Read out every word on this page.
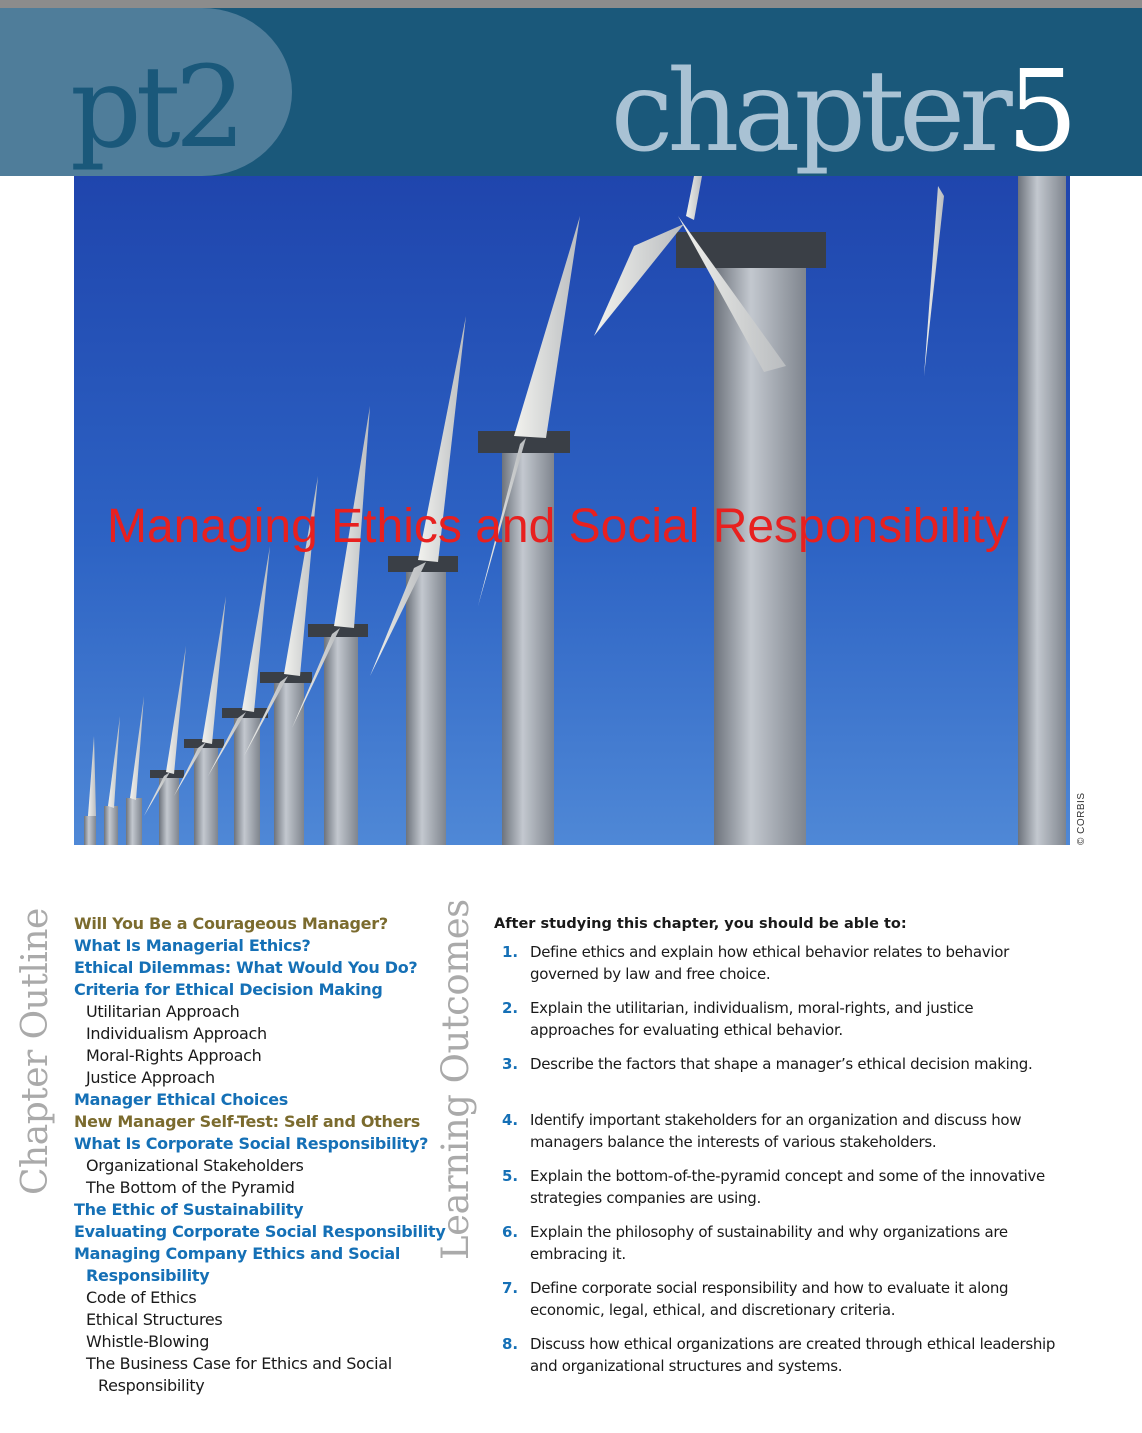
pt2	chapter5
© CORBIS
Managing Ethics and Social Responsibility
Chapter Outline Will You Be a Courageous Manager?
What Is Managerial Ethics?
Ethical Dilemmas: What Would You Do?
Criteria for Ethical Decision Making
Utilitarian Approach
Individualism Approach
Moral-Rights Approach
Justice Approach
Manager Ethical Choices
New Manager Self-Test: Self and Others
What Is Corporate Social Responsibility?
Organizational Stakeholders
The Bottom of the Pyramid
The Ethic of Sustainability
Evaluating Corporate Social Responsibility
Managing Company Ethics and Social
Responsibility
Code of Ethics
Ethical Structures
Whistle-Blowing
The Business Case for Ethics and Social
Responsibility
Learning Outcomes After studying this chapter, you should be able to:

1. Define ethics and explain how ethical behavior relates to behavior
governed by law and free choice.
2. Explain the utilitarian, individualism, moral-rights, and justice
approaches for evaluating ethical behavior.
3. Describe the factors that shape a manager’s ethical decision making.
4. Identify important stakeholders for an organization and discuss how
managers balance the interests of various stakeholders.
5. Explain the bottom-of-the-pyramid concept and some of the innovative
strategies companies are using.
6. Explain the philosophy of sustainability and why organizations are
embracing it.
7. Define corporate social responsibility and how to evaluate it along
economic, legal, ethical, and discretionary criteria.
8. Discuss how ethical organizations are created through ethical leadership
and organizational structures and systems.
